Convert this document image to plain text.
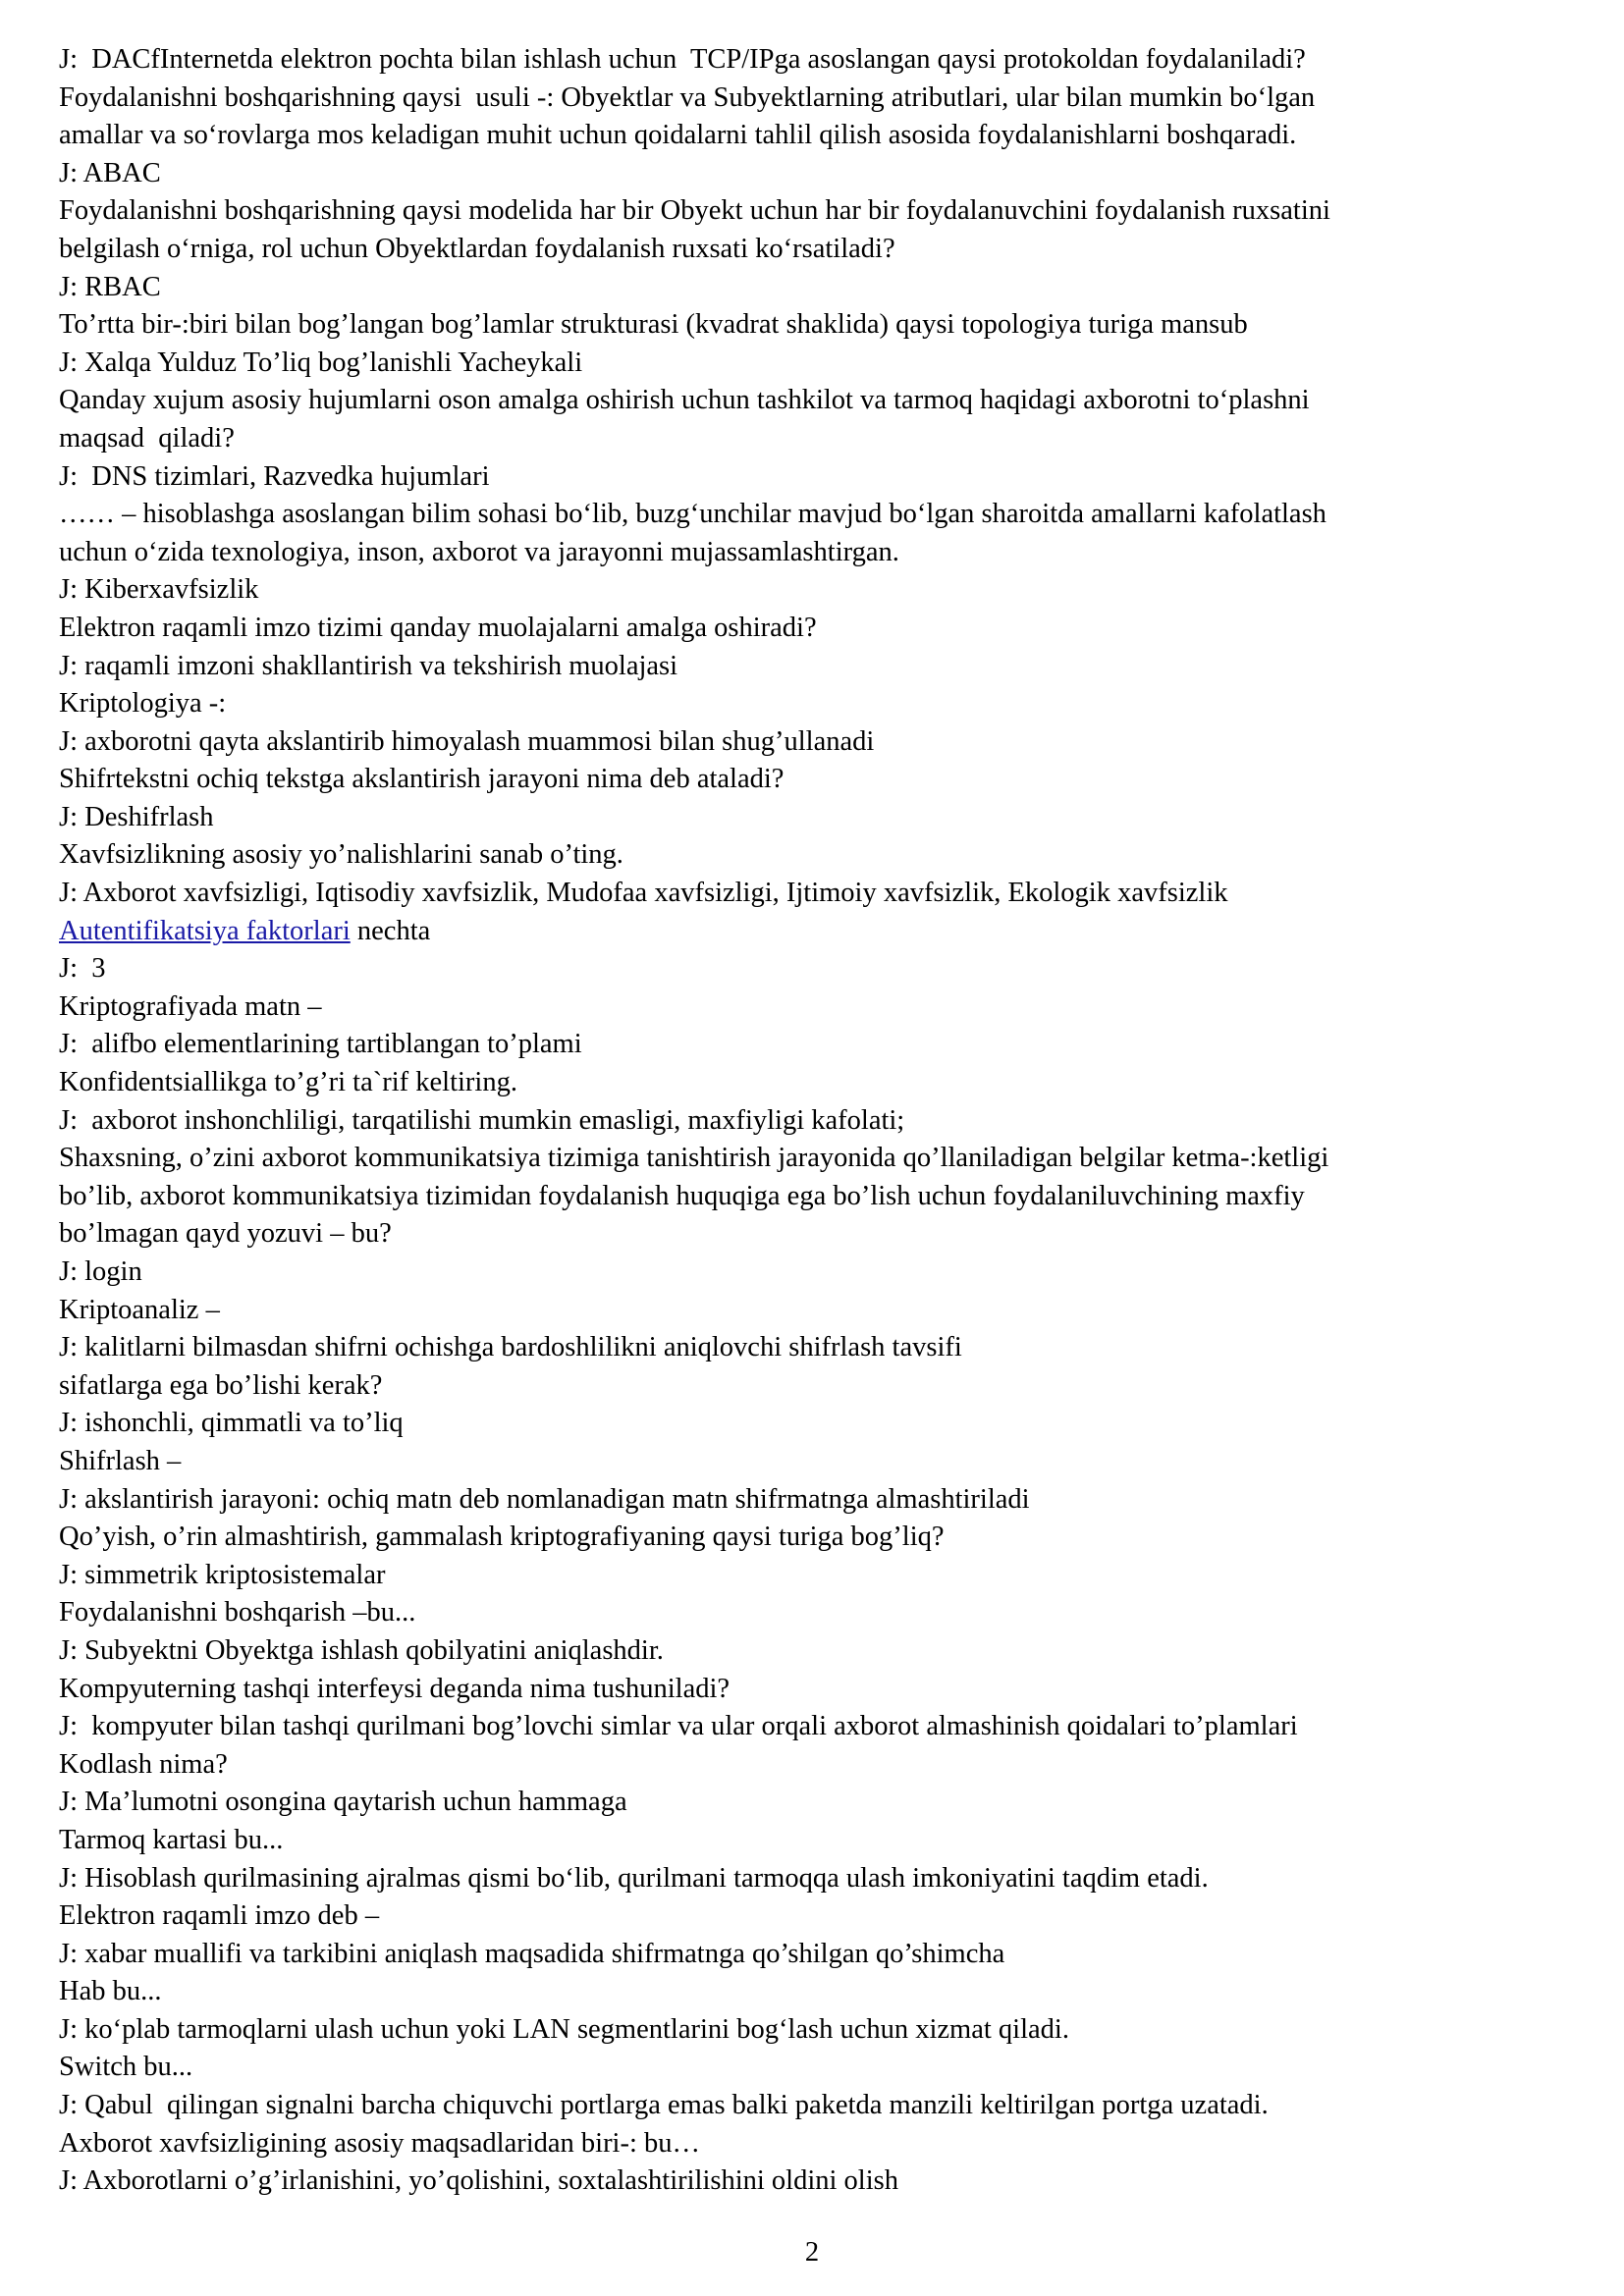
J:  DACfInternetda elektron pochta bilan ishlash uchun  TCP/IPga asoslangan qaysi protokoldan foydalaniladi?

Foydalanishni boshqarishning qaysi  usuli -: Obyektlar va Subyektlarning atributlari, ular bilan mumkin bo‘lgan

amallar va so‘rovlarga mos keladigan muhit uchun qoidalarni tahlil qilish asosida foydalanishlarni boshqaradi.

J: ABAC

Foydalanishni boshqarishning qaysi modelida har bir Obyekt uchun har bir foydalanuvchini foydalanish ruxsatini

belgilash o‘rniga, rol uchun Obyektlardan foydalanish ruxsati ko‘rsatiladi?

J: RBAC

To’rtta bir-:biri bilan bog’langan bog’lamlar strukturasi (kvadrat shaklida) qaysi topologiya turiga mansub

J: Xalqa Yulduz To’liq bog’lanishli Yacheykali

Qanday xujum asosiy hujumlarni oson amalga oshirish uchun tashkilot va tarmoq haqidagi axborotni to‘plashni

maqsad  qiladi?

J:  DNS tizimlari, Razvedka hujumlari

…… – hisoblashga asoslangan bilim sohasi bo‘lib, buzg‘unchilar mavjud bo‘lgan sharoitda amallarni kafolatlash

uchun o‘zida texnologiya, inson, axborot va jarayonni mujassamlashtirgan.

J: Kiberxavfsizlik

Elektron raqamli imzo tizimi qanday muolajalarni amalga oshiradi?

J: raqamli imzoni shakllantirish va tekshirish muolajasi

Kriptologiya -:

J: axborotni qayta akslantirib himoyalash muammosi bilan shug’ullanadi

Shifrtekstni ochiq tekstga akslantirish jarayoni nima deb ataladi?

J: Deshifrlash

Xavfsizlikning asosiy yo’nalishlarini sanab o’ting.

J: Axborot xavfsizligi, Iqtisodiy xavfsizlik, Mudofaa xavfsizligi, Ijtimoiy xavfsizlik, Ekologik xavfsizlik

Autentifikatsiya faktorlari nechta

J:  3

Kriptografiyada matn –

J:  alifbo elementlarining tartiblangan to’plami

Konfidentsiallikga to’g’ri ta`rif keltiring.

J:  axborot inshonchliligi, tarqatilishi mumkin emasligi, maxfiyligi kafolati;

Shaxsning, o’zini axborot kommunikatsiya tizimiga tanishtirish jarayonida qo’llaniladigan belgilar ketma-:ketligi

bo’lib, axborot kommunikatsiya tizimidan foydalanish huquqiga ega bo’lish uchun foydalaniluvchining maxfiy

bo’lmagan qayd yozuvi – bu?

J: login

Kriptoanaliz –

J: kalitlarni bilmasdan shifrni ochishga bardoshlilikni aniqlovchi shifrlash tavsifi

sifatlarga ega bo’lishi kerak?

J: ishonchli, qimmatli va to’liq

Shifrlash –

J: akslantirish jarayoni: ochiq matn deb nomlanadigan matn shifrmatnga almashtiriladi

Qo’yish, o’rin almashtirish, gammalash kriptografiyaning qaysi turiga bog’liq?

J: simmetrik kriptosistemalar

Foydalanishni boshqarish –bu...

J: Subyektni Obyektga ishlash qobilyatini aniqlashdir.

Kompyuterning tashqi interfeysi deganda nima tushuniladi?

J:  kompyuter bilan tashqi qurilmani bog’lovchi simlar va ular orqali axborot almashinish qoidalari to’plamlari

Kodlash nima?

J: Ma’lumotni osongina qaytarish uchun hammaga

Tarmoq kartasi bu...

J: Hisoblash qurilmasining ajralmas qismi bo‘lib, qurilmani tarmoqqa ulash imkoniyatini taqdim etadi.

Elektron raqamli imzo deb –

J: xabar muallifi va tarkibini aniqlash maqsadida shifrmatnga qo’shilgan qo’shimcha

Hab bu...

J: ko‘plab tarmoqlarni ulash uchun yoki LAN segmentlarini bog‘lash uchun xizmat qiladi.

Switch bu...

J: Qabul  qilingan signalni barcha chiquvchi portlarga emas balki paketda manzili keltirilgan portga uzatadi.

Axborot xavfsizligining asosiy maqsadlaridan biri-: bu…

J: Axborotlarni o’g’irlanishini, yo’qolishini, soxtalashtirilishini oldini olish

2
